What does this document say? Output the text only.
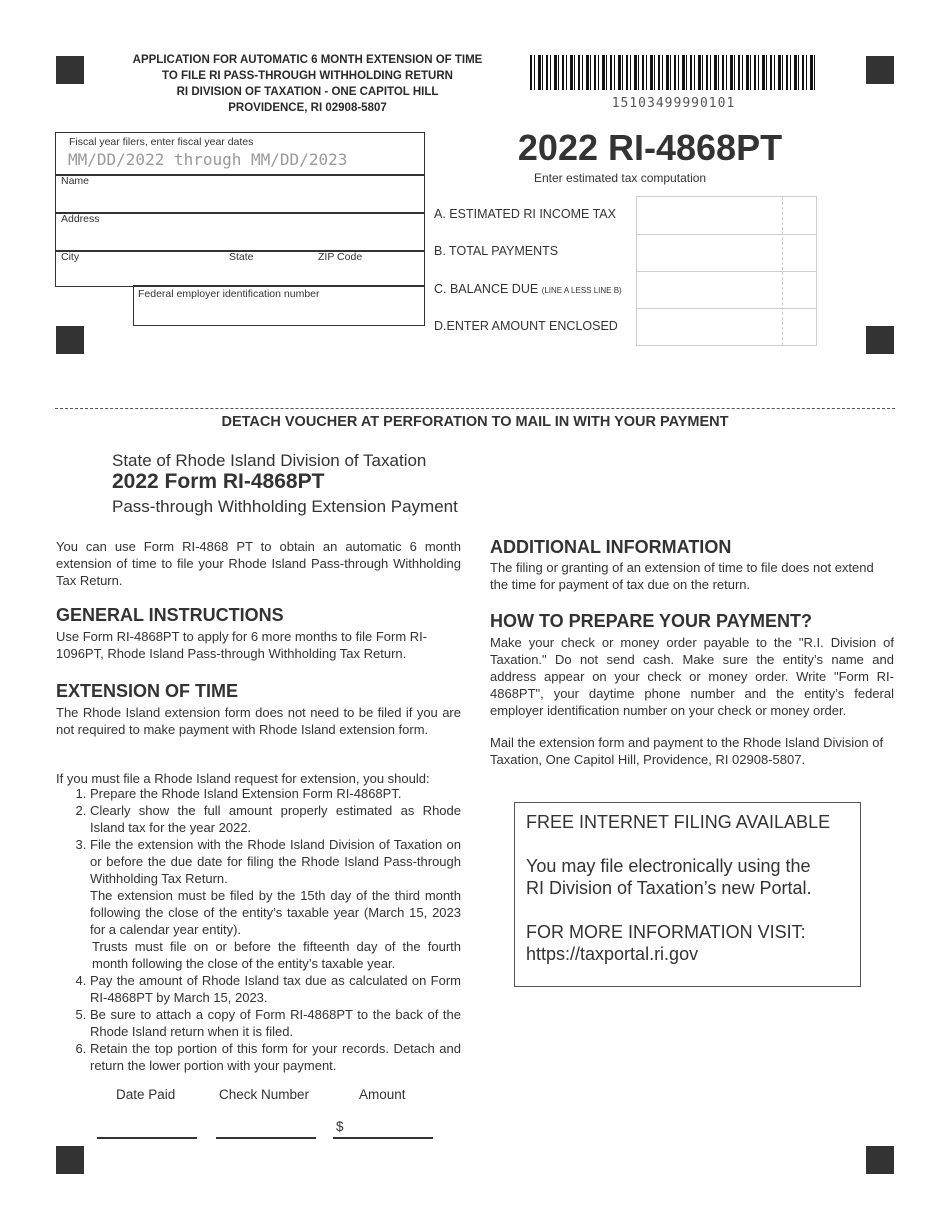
APPLICATION FOR AUTOMATIC 6 MONTH EXTENSION OF TIME
TO FILE RI PASS-THROUGH WITHHOLDING RETURN
RI DIVISION OF TAXATION - ONE CAPITOL HILL
PROVIDENCE, RI 02908-5807	15103499990101
2022 RI-4868PT
Enter estimated tax computation
Fiscal year filers, enter fiscal year dates
MM/DD/2022 through MM/DD/2023
Name
Address
City	State	ZIP Code
Federal employer identification number
A. ESTIMATED RI INCOME TAX
B. TOTAL PAYMENTS
C. BALANCE DUE (LINE A LESS LINE B)
D.ENTER AMOUNT ENCLOSED
DETACH VOUCHER AT PERFORATION TO MAIL IN WITH YOUR PAYMENT
State of Rhode Island Division of Taxation
2022 Form RI-4868PT
Pass-through Withholding Extension Payment
You can use Form RI-4868 PT to obtain an automatic 6 month extension of time to file your Rhode Island Pass-through Withholding Tax Return.
GENERAL INSTRUCTIONS
Use Form RI-4868PT to apply for 6 more months to file Form RI-1096PT, Rhode Island Pass-through Withholding Tax Return.
EXTENSION OF TIME
The Rhode Island extension form does not need to be filed if you are not required to make payment with Rhode Island extension form.
If you must file a Rhode Island request for extension, you should:
1. Prepare the Rhode Island Extension Form RI-4868PT.
2. Clearly show the full amount properly estimated as Rhode Island tax for the year 2022.
3. File the extension with the Rhode Island Division of Taxation on or before the due date for filing the Rhode Island Pass-through Withholding Tax Return.
The extension must be filed by the 15th day of the third month following the close of the entity’s taxable year (March 15, 2023 for a calendar year entity).
Trusts must file on or before the fifteenth day of the fourth month following the close of the entity’s taxable year.
4. Pay the amount of Rhode Island tax due as calculated on Form RI-4868PT by March 15, 2023.
5. Be sure to attach a copy of Form RI-4868PT to the back of the Rhode Island return when it is filed.
6. Retain the top portion of this form for your records. Detach and return the lower portion with your payment.
ADDITIONAL INFORMATION
The filing or granting of an extension of time to file does not extend the time for payment of tax due on the return.
HOW TO PREPARE YOUR PAYMENT?
Make your check or money order payable to the "R.I. Division of Taxation." Do not send cash. Make sure the entity’s name and address appear on your check or money order. Write "Form RI-4868PT", your daytime phone number and the entity’s federal employer identification number on your check or money order.
Mail the extension form and payment to the Rhode Island Division of Taxation, One Capitol Hill, Providence, RI 02908-5807.
FREE INTERNET FILING AVAILABLE
You may file electronically using the
RI Division of Taxation’s new Portal.
FOR MORE INFORMATION VISIT:
https://taxportal.ri.gov
Date Paid	Check Number	Amount
$
